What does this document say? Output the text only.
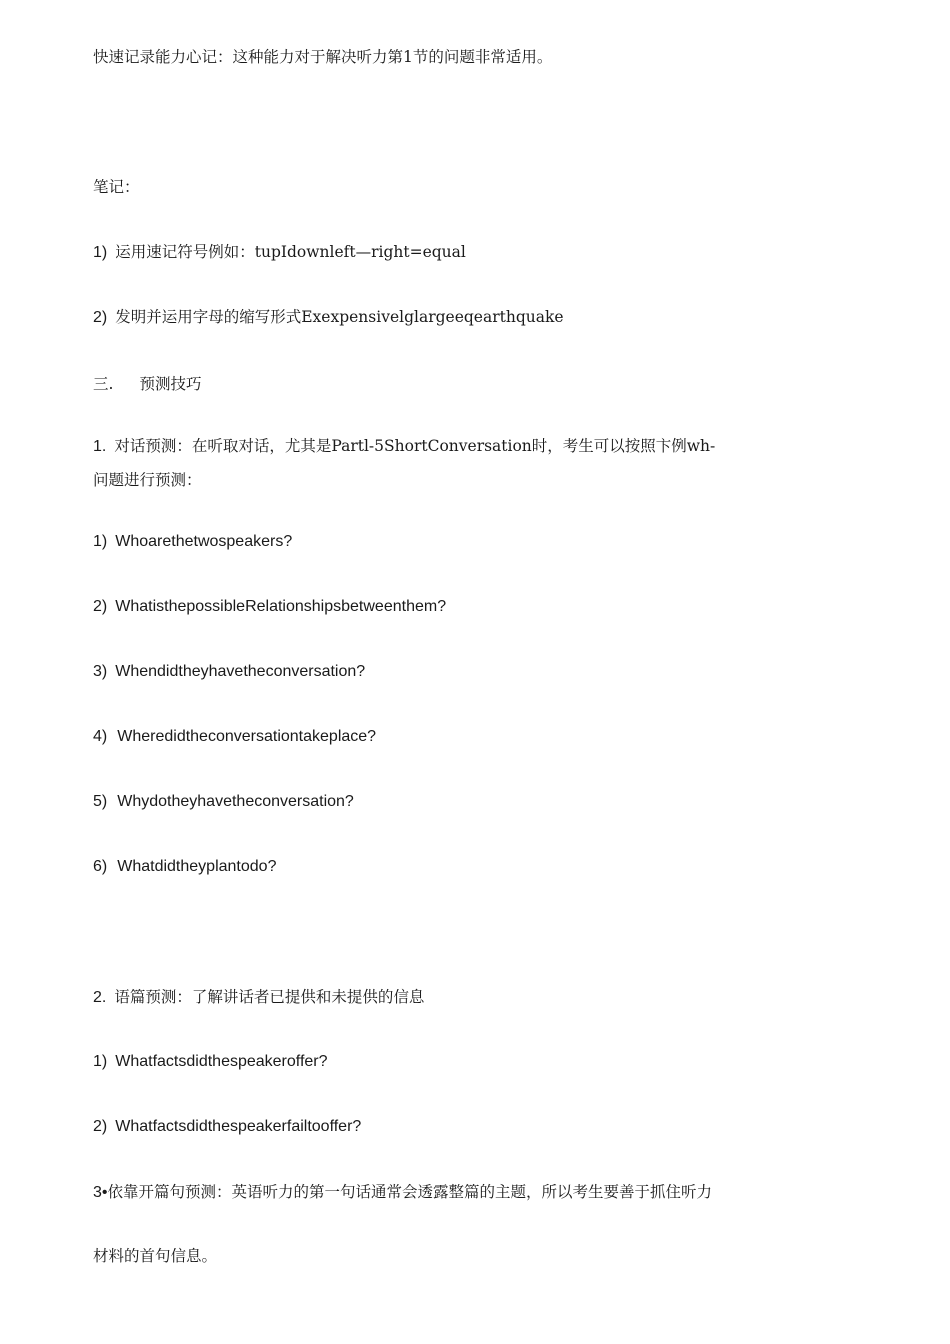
快速记录能力心记：这种能力对于解决听力第1节的问题非常适用。
笔记：
1) 运用速记符号例如：tupIdownleft—right=equal
2) 发明并运用字母的缩写形式Exexpensivelglargeeqearthquake
三. 预测技巧
1. 对话预测：在听取对话，尤其是Partl-5ShortConversation时，考生可以按照卞例wh-
问题进行预测：
1) Whoarethetwospeakers?
2) WhatisthepossibleRelationshipsbetweenthem?
3) Whendidtheyhavetheconversation?
4) Wheredidtheconversationtakeplace?
5) Whydotheyhavetheconversation?
6) Whatdidtheyplantodo?
2. 语篇预测：了解讲话者已提供和未提供的信息
1) Whatfactsdidthespeakeroffer?
2) Whatfactsdidthespeakerfailtooffer?
3•依靠开篇句预测：英语听力的第一句话通常会透露整篇的主题，所以考生要善于抓住听力
材料的首句信息。
